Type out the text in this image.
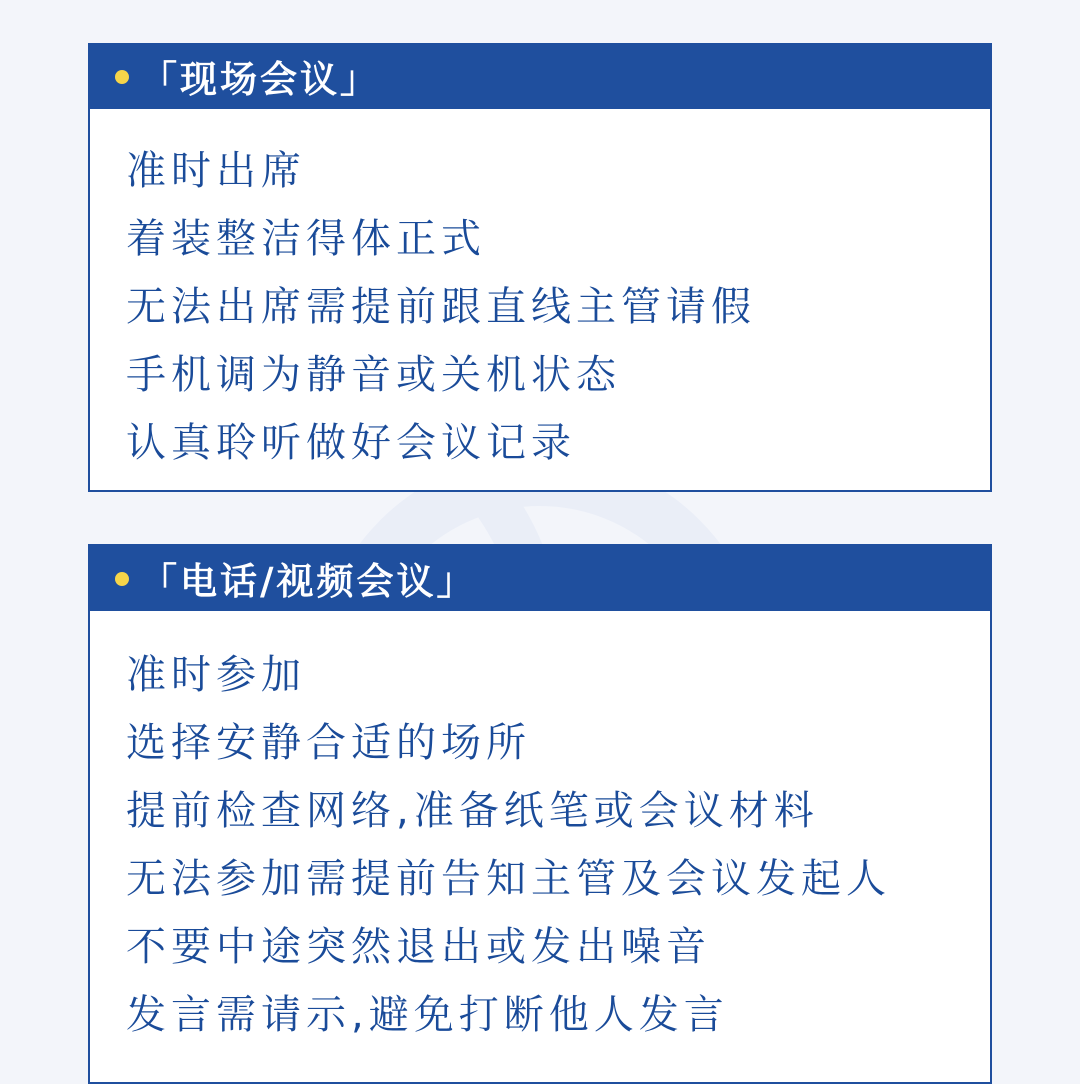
「现场会议」
准时出席
着装整洁得体正式
无法出席需提前跟直线主管请假
手机调为静音或关机状态
认真聆听做好会议记录
「电话/视频会议」
准时参加
选择安静合适的场所
提前检查网络,准备纸笔或会议材料
无法参加需提前告知主管及会议发起人
不要中途突然退出或发出噪音
发言需请示,避免打断他人发言
